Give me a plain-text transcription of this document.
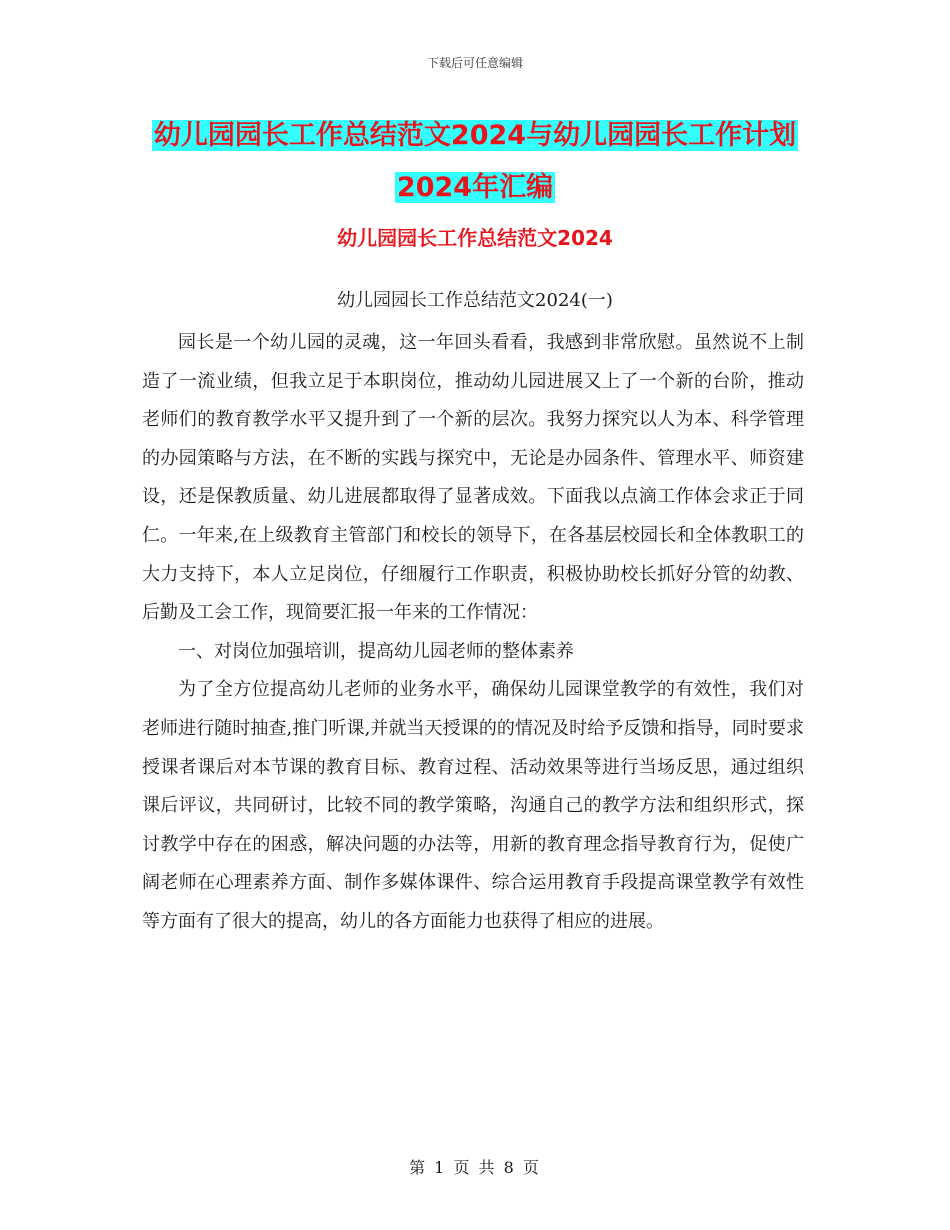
下载后可任意编辑
幼儿园园长工作总结范文2024与幼儿园园长工作计划
2024年汇编
幼儿园园长工作总结范文2024
幼儿园园长工作总结范文2024(一)

园长是一个幼儿园的灵魂，这一年回头看看，我感到非常欣慰。虽然说不上制造了一流业绩，但我立足于本职岗位，推动幼儿园进展又上了一个新的台阶，推动老师们的教育教学水平又提升到了一个新的层次。我努力探究以人为本、科学管理的办园策略与方法，在不断的实践与探究中，无论是办园条件、管理水平、师资建设，还是保教质量、幼儿进展都取得了显著成效。下面我以点滴工作体会求正于同仁。一年来,在上级教育主管部门和校长的领导下，在各基层校园长和全体教职工的大力支持下，本人立足岗位，仔细履行工作职责，积极协助校长抓好分管的幼教、后勤及工会工作，现简要汇报一年来的工作情况：

一、对岗位加强培训，提高幼儿园老师的整体素养

为了全方位提高幼儿老师的业务水平，确保幼儿园课堂教学的有效性，我们对老师进行随时抽查,推门听课,并就当天授课的的情况及时给予反馈和指导，同时要求授课者课后对本节课的教育目标、教育过程、活动效果等进行当场反思，通过组织课后评议，共同研讨，比较不同的教学策略，沟通自己的教学方法和组织形式，探讨教学中存在的困惑，解决问题的办法等，用新的教育理念指导教育行为，促使广阔老师在心理素养方面、制作多媒体课件、综合运用教育手段提高课堂教学有效性等方面有了很大的提高，幼儿的各方面能力也获得了相应的进展。

第 1 页 共 8 页
